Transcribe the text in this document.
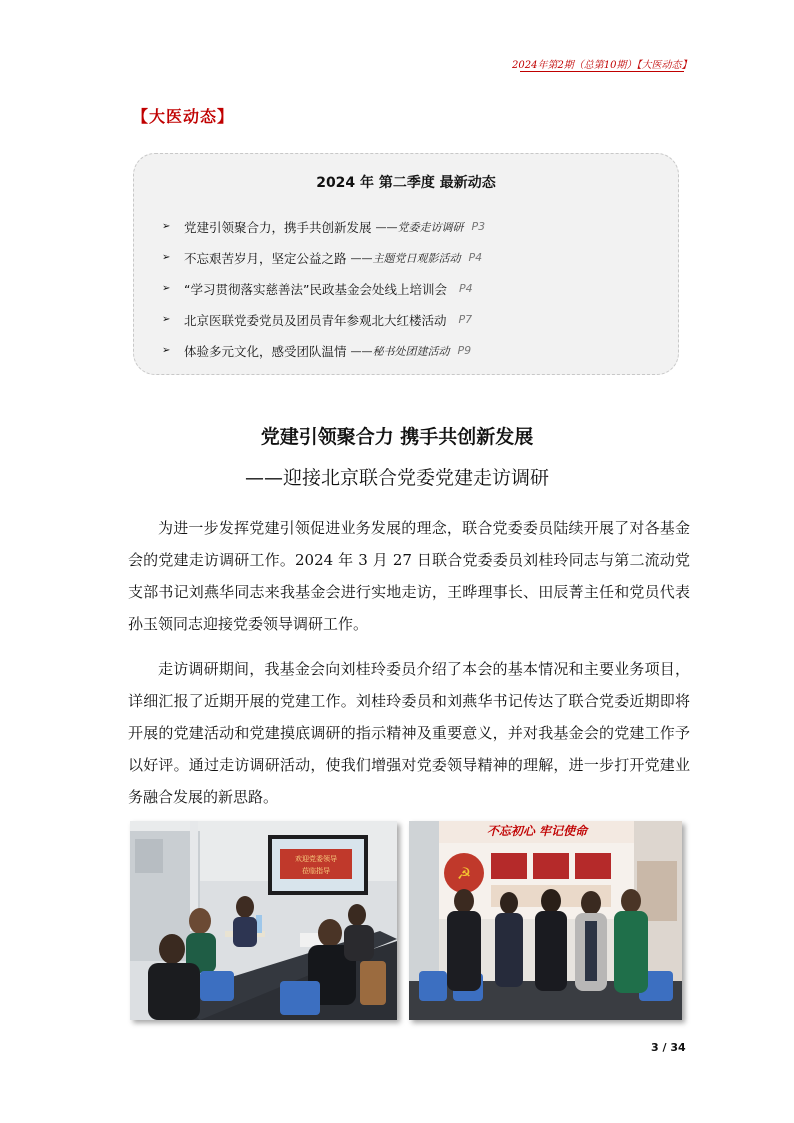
2024年第2期（总第10期）【大医动态】
【大医动态】
2024 年 第二季度 最新动态
➢	党建引领聚合力，携手共创新发展 ——党委走访调研 P3
➢	不忘艰苦岁月，坚定公益之路 ——主题党日观影活动 P4
➢	“学习贯彻落实慈善法”民政基金会处线上培训会 P4
➢	北京医联党委党员及团员青年参观北大红楼活动 P7
➢	体验多元文化，感受团队温情 ——秘书处团建活动 P9
党建引领聚合力 携手共创新发展
——迎接北京联合党委党建走访调研

为进一步发挥党建引领促进业务发展的理念，联合党委委员陆续开展了对各基金会的党建走访调研工作。2024 年 3 月 27 日联合党委委员刘桂玲同志与第二流动党支部书记刘燕华同志来我基金会进行实地走访，王晔理事长、田辰菁主任和党员代表孙玉领同志迎接党委领导调研工作。

走访调研期间，我基金会向刘桂玲委员介绍了本会的基本情况和主要业务项目，详细汇报了近期开展的党建工作。刘桂玲委员和刘燕华书记传达了联合党委近期即将开展的党建活动和党建摸底调研的指示精神及重要意义，并对我基金会的党建工作予以好评。通过走访调研活动，使我们增强对党委领导精神的理解，进一步打开党建业务融合发展的新思路。

欢迎党委领导
莅临指导
不忘初心 牢记使命
☭
3 / 34
